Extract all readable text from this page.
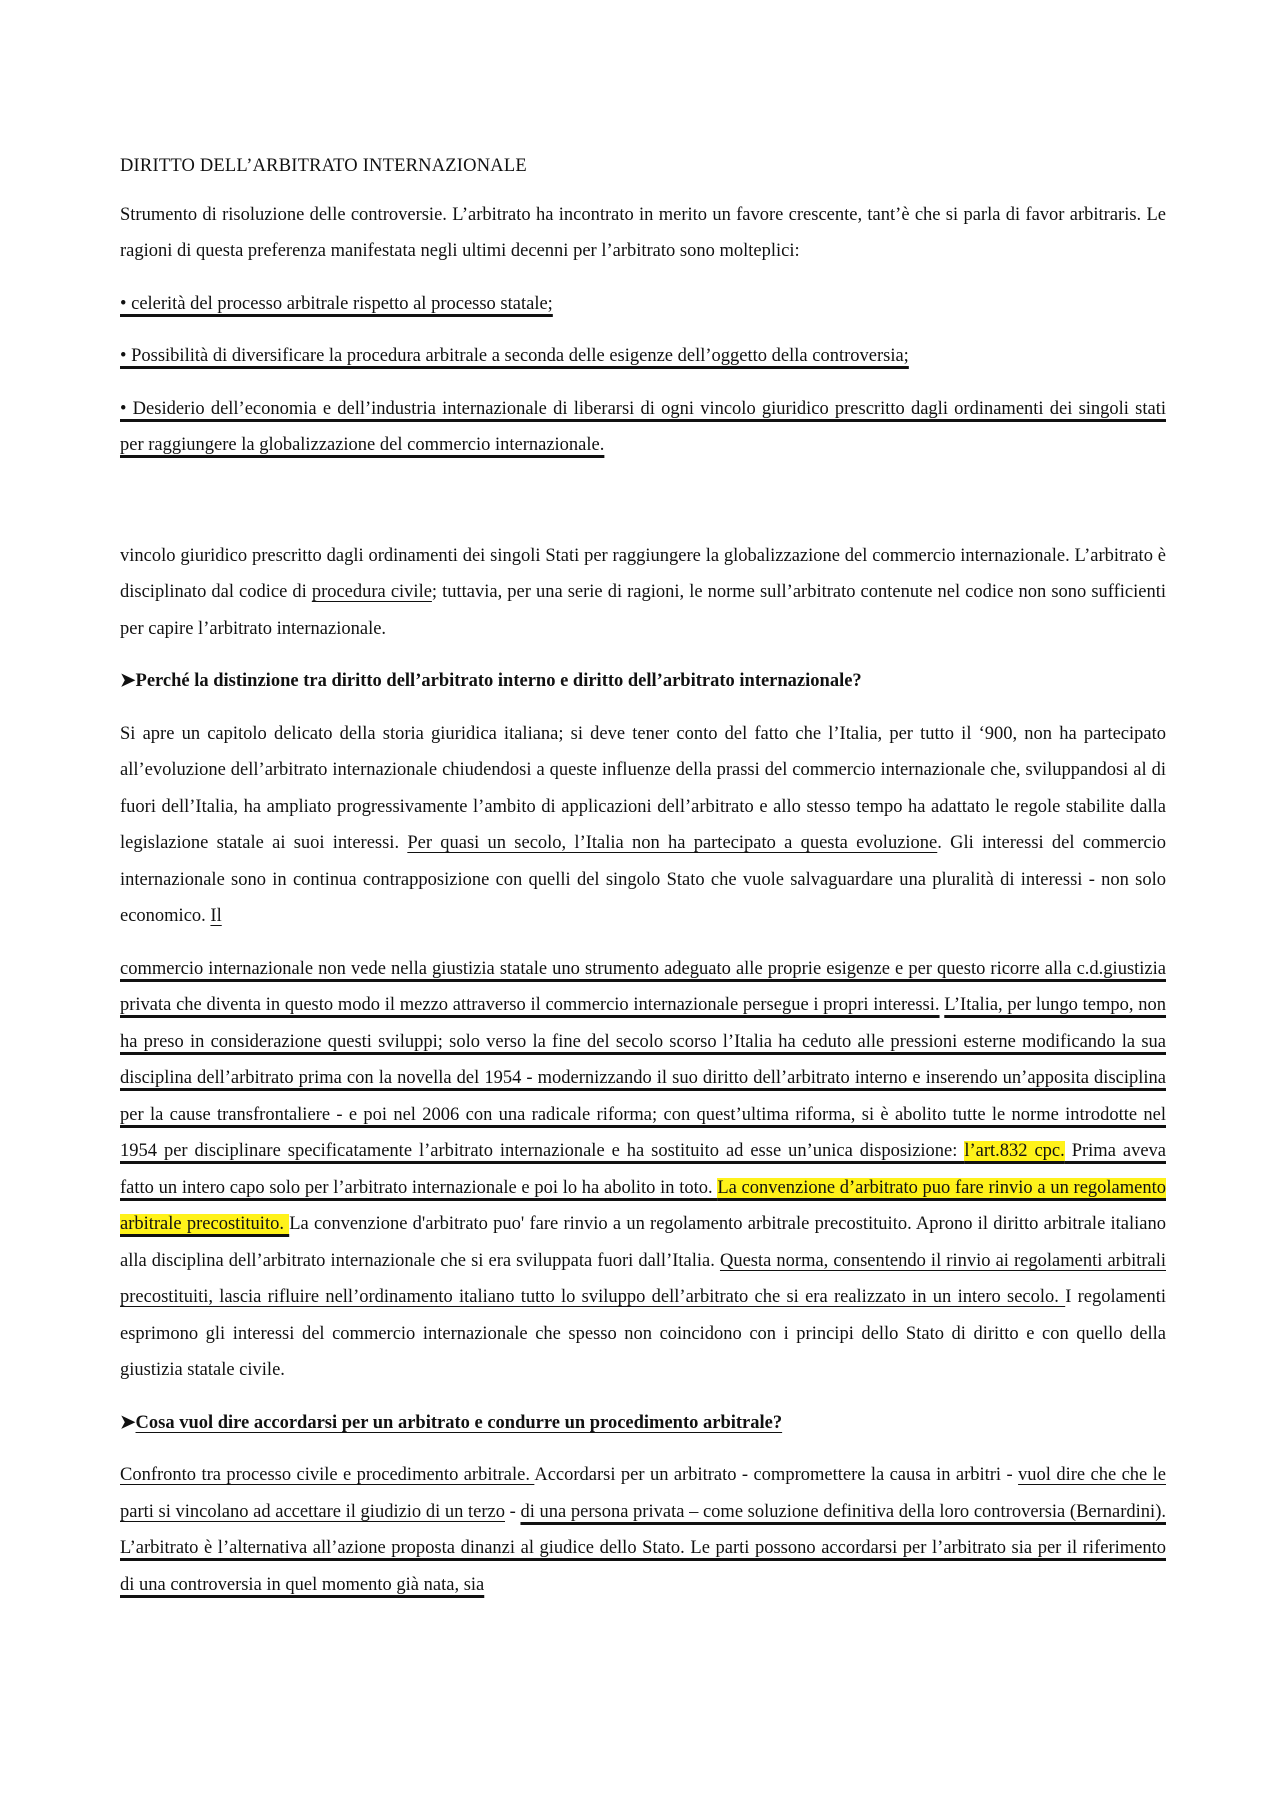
DIRITTO DELL’ARBITRATO INTERNAZIONALE

Strumento di risoluzione delle controversie. L’arbitrato ha incontrato in merito un favore crescente, tant’è che si parla di favor arbitraris. Le ragioni di questa preferenza manifestata negli ultimi decenni per l’arbitrato sono molteplici:

• celerità del processo arbitrale rispetto al processo statale;
• Possibilità di diversificare la procedura arbitrale a seconda delle esigenze dell’oggetto della controversia;
• Desiderio dell’economia e dell’industria internazionale di liberarsi di ogni vincolo giuridico prescritto dagli ordinamenti dei singoli stati per raggiungere la globalizzazione del commercio internazionale.

vincolo giuridico prescritto dagli ordinamenti dei singoli Stati per raggiungere la globalizzazione del commercio internazionale. L’arbitrato è disciplinato dal codice di procedura civile; tuttavia, per una serie di ragioni, le norme sull’arbitrato contenute nel codice non sono sufficienti per capire l’arbitrato internazionale.

➤Perché la distinzione tra diritto dell’arbitrato interno e diritto dell’arbitrato internazionale?

Si apre un capitolo delicato della storia giuridica italiana; si deve tener conto del fatto che l’Italia, per tutto il ‘900, non ha partecipato all’evoluzione dell’arbitrato internazionale chiudendosi a queste influenze della prassi del commercio internazionale che, sviluppandosi al di fuori dell’Italia, ha ampliato progressivamente l’ambito di applicazioni dell’arbitrato e allo stesso tempo ha adattato le regole stabilite dalla legislazione statale ai suoi interessi. Per quasi un secolo, l’Italia non ha partecipato a questa evoluzione. Gli interessi del commercio internazionale sono in continua contrapposizione con quelli del singolo Stato che vuole salvaguardare una pluralità di interessi - non solo economico. Il

commercio internazionale non vede nella giustizia statale uno strumento adeguato alle proprie esigenze e per questo ricorre alla c.d.giustizia privata che diventa in questo modo il mezzo attraverso il commercio internazionale persegue i propri interessi. L’Italia, per lungo tempo, non ha preso in considerazione questi sviluppi; solo verso la fine del secolo scorso l’Italia ha ceduto alle pressioni esterne modificando la sua disciplina dell’arbitrato prima con la novella del 1954 - modernizzando il suo diritto dell’arbitrato interno e inserendo un’apposita disciplina per la cause transfrontaliere - e poi nel 2006 con una radicale riforma; con quest’ultima riforma, si è abolito tutte le norme introdotte nel 1954 per disciplinare specificatamente l’arbitrato internazionale e ha sostituito ad esse un’unica disposizione: l’art.832 cpc. Prima aveva fatto un intero capo solo per l’arbitrato internazionale e poi lo ha abolito in toto. La convenzione d’arbitrato puo fare rinvio a un regolamento arbitrale precostituito. La convenzione d'arbitrato puo' fare rinvio a un regolamento arbitrale precostituito. Aprono il diritto arbitrale italiano alla disciplina dell’arbitrato internazionale che si era sviluppata fuori dall’Italia. Questa norma, consentendo il rinvio ai regolamenti arbitrali precostituiti, lascia rifluire nell’ordinamento italiano tutto lo sviluppo dell’arbitrato che si era realizzato in un intero secolo. I regolamenti esprimono gli interessi del commercio internazionale che spesso non coincidono con i principi dello Stato di diritto e con quello della giustizia statale civile.

➤Cosa vuol dire accordarsi per un arbitrato e condurre un procedimento arbitrale?

Confronto tra processo civile e procedimento arbitrale. Accordarsi per un arbitrato - compromettere la causa in arbitri - vuol dire che che le parti si vincolano ad accettare il giudizio di un terzo - di una persona privata – come soluzione definitiva della loro controversia (Bernardini). L’arbitrato è l’alternativa all’azione proposta dinanzi al giudice dello Stato. Le parti possono accordarsi per l’arbitrato sia per il riferimento di una controversia in quel momento già nata, sia
